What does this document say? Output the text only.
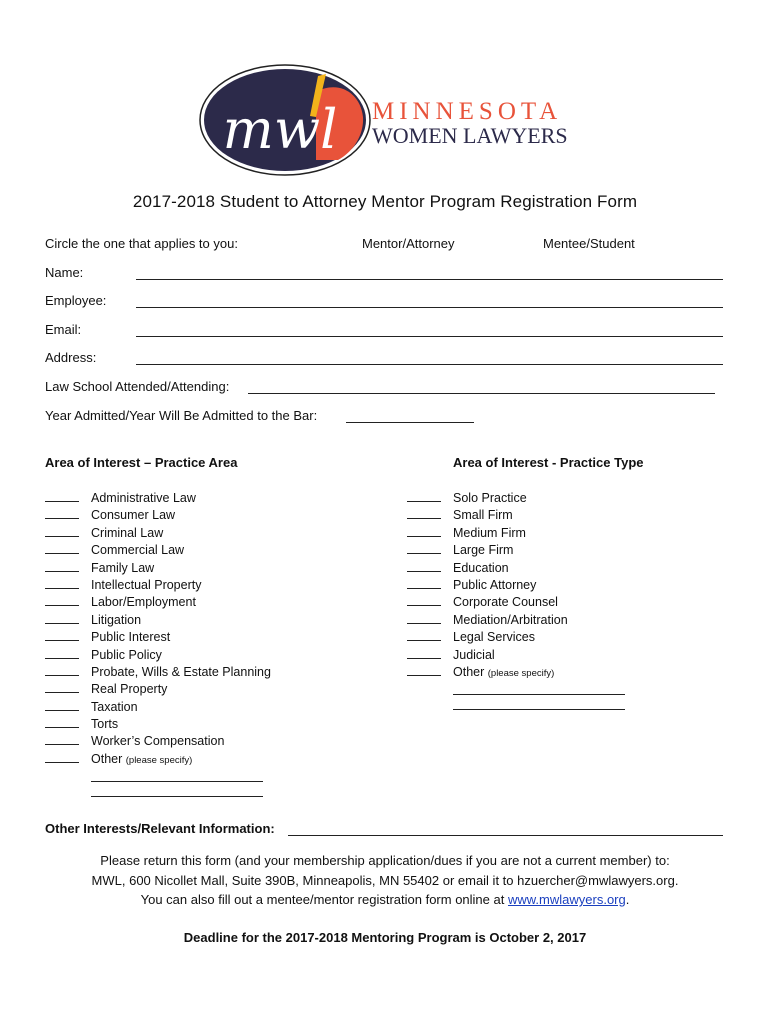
mwl MINNESOTA
WOMEN LAWYERS
2017-2018 Student to Attorney Mentor Program Registration Form
Circle the one that applies to you:	Mentor/Attorney	Mentee/Student
Name:
Employee:
Email:
Address:
Law School Attended/Attending:
Year Admitted/Year Will Be Admitted to the Bar:
Area of Interest – Practice Area	Area of Interest - Practice Type
Administrative Law
Consumer Law
Criminal Law
Commercial Law
Family Law
Intellectual Property
Labor/Employment
Litigation
Public Interest
Public Policy
Probate, Wills & Estate Planning
Real Property
Taxation
Torts
Worker’s Compensation
Other (please specify)
Solo Practice
Small Firm
Medium Firm
Large Firm
Education
Public Attorney
Corporate Counsel
Mediation/Arbitration
Legal Services
Judicial
Other (please specify)
Other Interests/Relevant Information:
Please return this form (and your membership application/dues if you are not a current member) to:
MWL, 600 Nicollet Mall, Suite 390B, Minneapolis, MN 55402 or email it to hzuercher@mwlawyers.org.
You can also fill out a mentee/mentor registration form online at www.mwlawyers.org.
Deadline for the 2017-2018 Mentoring Program is October 2, 2017
